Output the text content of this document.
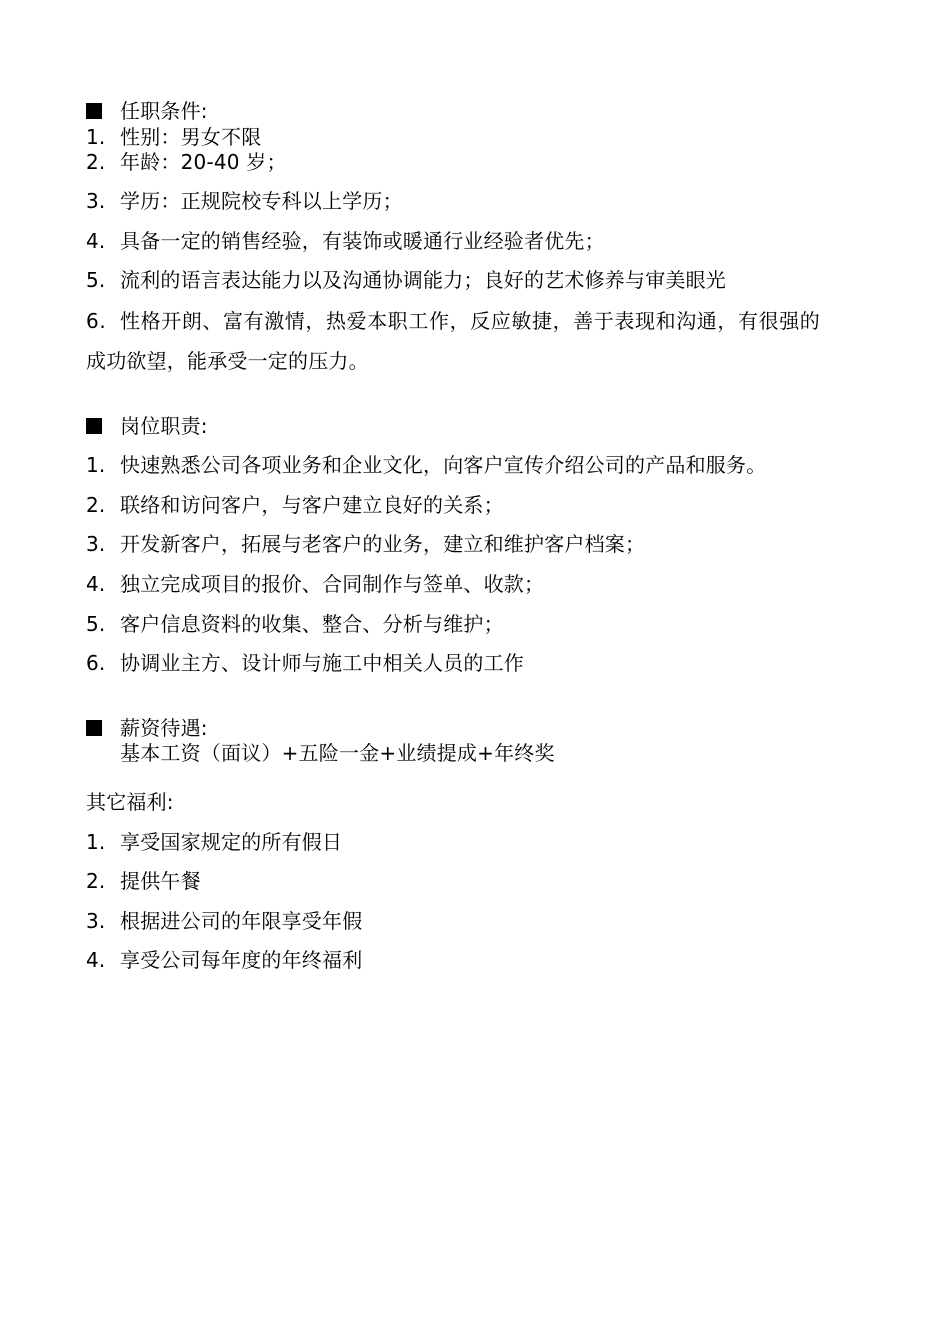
任职条件:
1. 性别：男女不限
2. 年龄：20-40 岁；
3. 学历：正规院校专科以上学历；
4. 具备一定的销售经验，有装饰或暖通行业经验者优先；
5. 流利的语言表达能力以及沟通协调能力；良好的艺术修养与审美眼光
6. 性格开朗、富有激情，热爱本职工作，反应敏捷，善于表现和沟通，有很强的
成功欲望，能承受一定的压力。
岗位职责:
1. 快速熟悉公司各项业务和企业文化，向客户宣传介绍公司的产品和服务。
2. 联络和访问客户，与客户建立良好的关系；
3. 开发新客户，拓展与老客户的业务，建立和维护客户档案；
4. 独立完成项目的报价、合同制作与签单、收款；
5. 客户信息资料的收集、整合、分析与维护；
6. 协调业主方、设计师与施工中相关人员的工作
薪资待遇:
基本工资（面议）+五险一金+业绩提成+年终奖
其它福利:
1. 享受国家规定的所有假日
2. 提供午餐
3. 根据进公司的年限享受年假
4. 享受公司每年度的年终福利
